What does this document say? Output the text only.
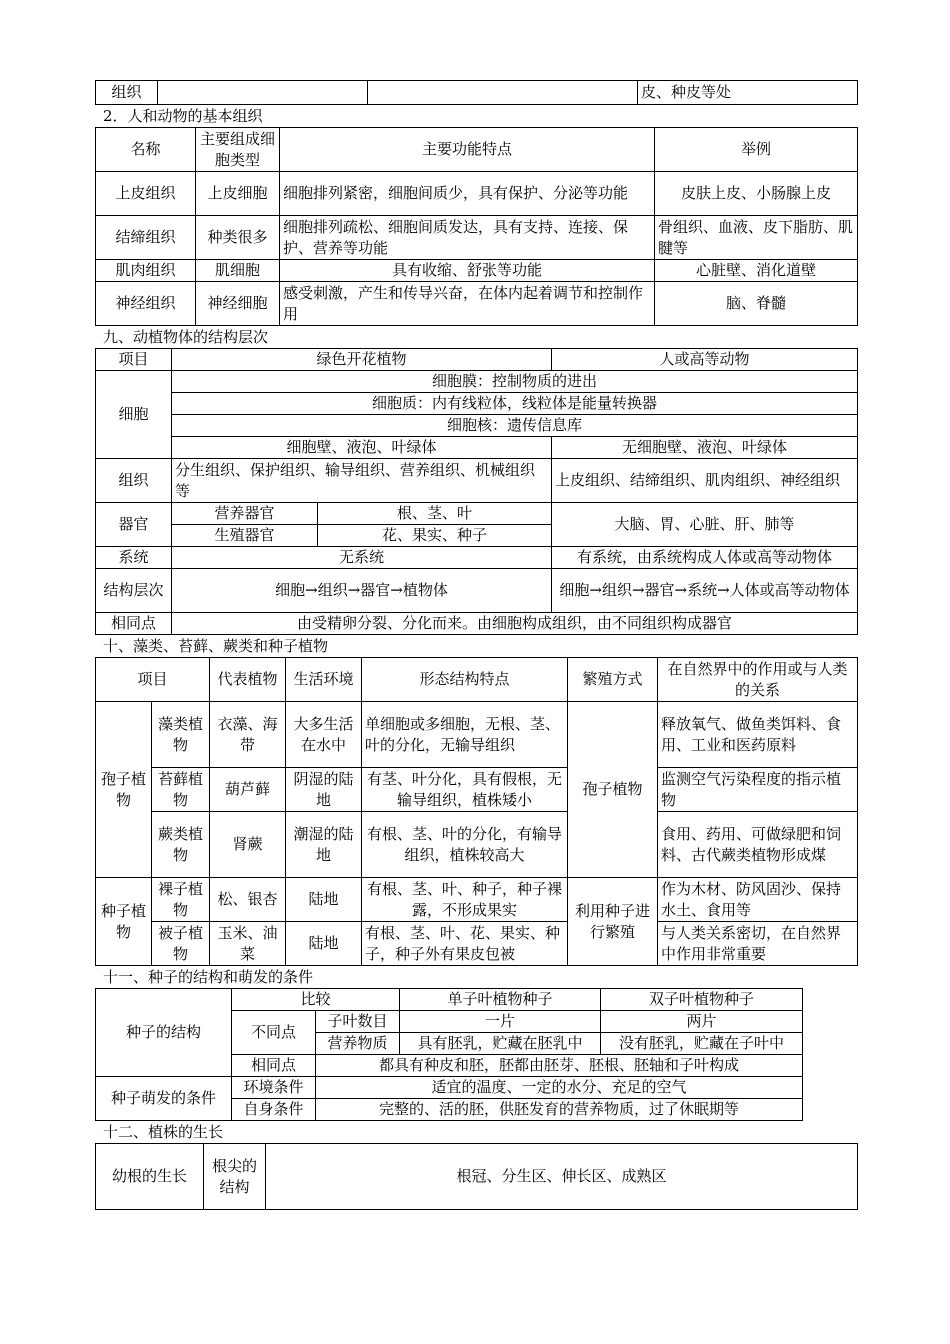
组织			皮、种皮等处
2．人和动物的基本组织
名称	主要组成细胞类型	主要功能特点	举例
上皮组织	上皮细胞	细胞排列紧密，细胞间质少，具有保护、分泌等功能	皮肤上皮、小肠腺上皮
结缔组织	种类很多	细胞排列疏松、细胞间质发达，具有支持、连接、保护、营养等功能	骨组织、血液、皮下脂肪、肌腱等
肌肉组织	肌细胞	具有收缩、舒张等功能	心脏壁、消化道壁
神经组织	神经细胞	感受刺激，产生和传导兴奋，在体内起着调节和控制作用	脑、脊髓
九、动植物体的结构层次
项目	绿色开花植物		人或高等动物
细胞	细胞膜：控制物质的进出		
	细胞质：内有线粒体，线粒体是能量转换器		
	细胞核：遗传信息库		
	细胞壁、液泡、叶绿体		无细胞壁、液泡、叶绿体
组织	分生组织、保护组织、输导组织、营养组织、机械组织等		上皮组织、结缔组织、肌肉组织、神经组织
器官	营养器官	根、茎、叶	大脑、胃、心脏、肝、肺等
	生殖器官	花、果实、种子	
系统	无系统		有系统，由系统构成人体或高等动物体
结构层次	细胞→组织→器官→植物体		细胞→组织→器官→系统→人体或高等动物体
相同点	由受精卵分裂、分化而来。由细胞构成组织，由不同组织构成器官		
十、藻类、苔藓、蕨类和种子植物
项目		代表植物	生活环境	形态结构特点	繁殖方式	在自然界中的作用或与人类的关系
孢子植物	藻类植物	衣藻、海带	大多生活在水中	单细胞或多细胞，无根、茎、叶的分化，无输导组织	孢子植物	释放氧气、做鱼类饵料、食用、工业和医药原料
	苔藓植物	葫芦藓	阴湿的陆地	有茎、叶分化，具有假根，无输导组织，植株矮小		监测空气污染程度的指示植物
	蕨类植物	肾蕨	潮湿的陆地	有根、茎、叶的分化，有输导组织，植株较高大		食用、药用、可做绿肥和饲料、古代蕨类植物形成煤
种子植物	裸子植物	松、银杏	陆地	有根、茎、叶、种子，种子裸露，不形成果实	利用种子进行繁殖	作为木材、防风固沙、保持水土、食用等
	被子植物	玉米、油菜	陆地	有根、茎、叶、花、果实、种子，种子外有果皮包被		与人类关系密切，在自然界中作用非常重要
十一、种子的结构和萌发的条件
种子的结构	比较		单子叶植物种子	双子叶植物种子
	不同点	子叶数目	一片	两片
		营养物质	具有胚乳，贮藏在胚乳中	没有胚乳，贮藏在子叶中
	相同点	都具有种皮和胚，胚都由胚芽、胚根、胚轴和子叶构成		
种子萌发的条件	环境条件	适宜的温度、一定的水分、充足的空气		
	自身条件	完整的、活的胚，供胚发育的营养物质，过了休眠期等		
十二、植株的生长
幼根的生长	根尖的结构	根冠、分生区、伸长区、成熟区
